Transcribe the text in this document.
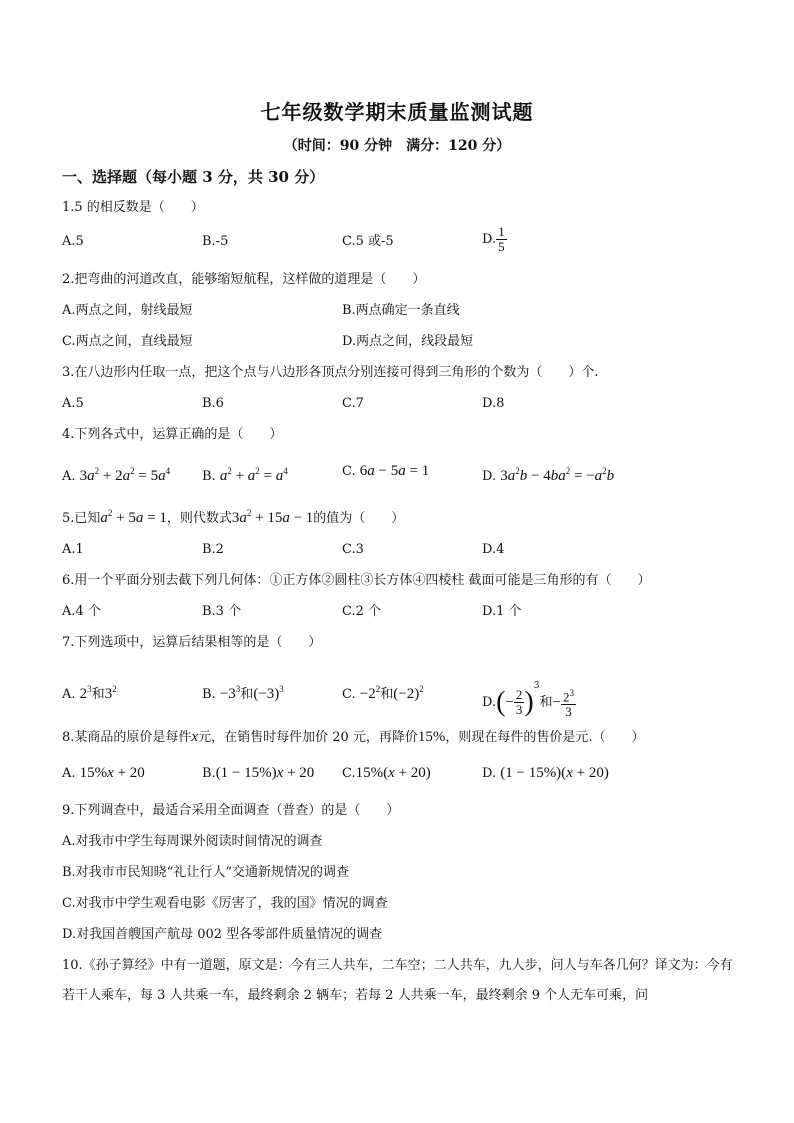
七年级数学期末质量监测试题
（时间：90 分钟　满分：120 分）
一、选择题（每小题 3 分，共 30 分）
1.5 的相反数是（　　）
A.5	B.-5	C.5 或-5	D. $\frac{1}{5}$
2.把弯曲的河道改直，能够缩短航程，这样做的道理是（　　）
A.两点之间，射线最短	B.两点确定一条直线
C.两点之间，直线最短	D.两点之间，线段最短
3.在八边形内任取一点，把这个点与八边形各顶点分别连接可得到三角形的个数为（　　）个.
A.5	B.6	C.7	D.8
4.下列各式中，运算正确的是（　　）
A. $3a^2 + 2a^2 = 5a^4$ B. $a^2 + a^2 = a^4$	C. 6a − 5a = 1	D. $3a^2b - 4ba^2 = -a^2b$
5.已知$a^2 + 5a = 1$，则代数式$3a^2 + 15a - 1$的值为（　　）
A.1	B.2	C.3	D.4
6.用一个平面分别去截下列几何体：①正方体②圆柱③长方体④四棱柱 截面可能是三角形的有（　　）
A.4 个	B.3 个	C.2 个	D.1 个
7.下列选项中，运算后结果相等的是（　　）
A. $2^3$和$3^2$	B. $-3^3$和$(-3)^3$	C. $-2^2$和$(-2)^2$
$D.(- \frac{2}{3} )^3$和− $\frac{2^3}{3}$
8.某商品的原价是每件x元，在销售时每件加价 20 元，再降价15%，则现在每件的售价是元.（　　）
A. 15%x + 20	B.(1 − 15%)x + 20 C.15%(x + 20)	D. (1 − 15%)(x + 20)
9.下列调查中，最适合采用全面调查（普查）的是（　　）
A.对我市中学生每周课外阅读时间情况的调查
B.对我市市民知晓“礼让行人”交通新规情况的调查
C.对我市中学生观看电影《厉害了，我的国》情况的调查
D.对我国首艘国产航母 002 型各零部件质量情况的调查
10.《孙子算经》中有一道题，原文是：今有三人共车，二车空；二人共车，九人步，问人与车各几何？译文为：今有若干人乘车，每 3 人共乘一车，最终剩余 2 辆车；若每 2 人共乘一车，最终剩余 9 个人无车可乘，问
